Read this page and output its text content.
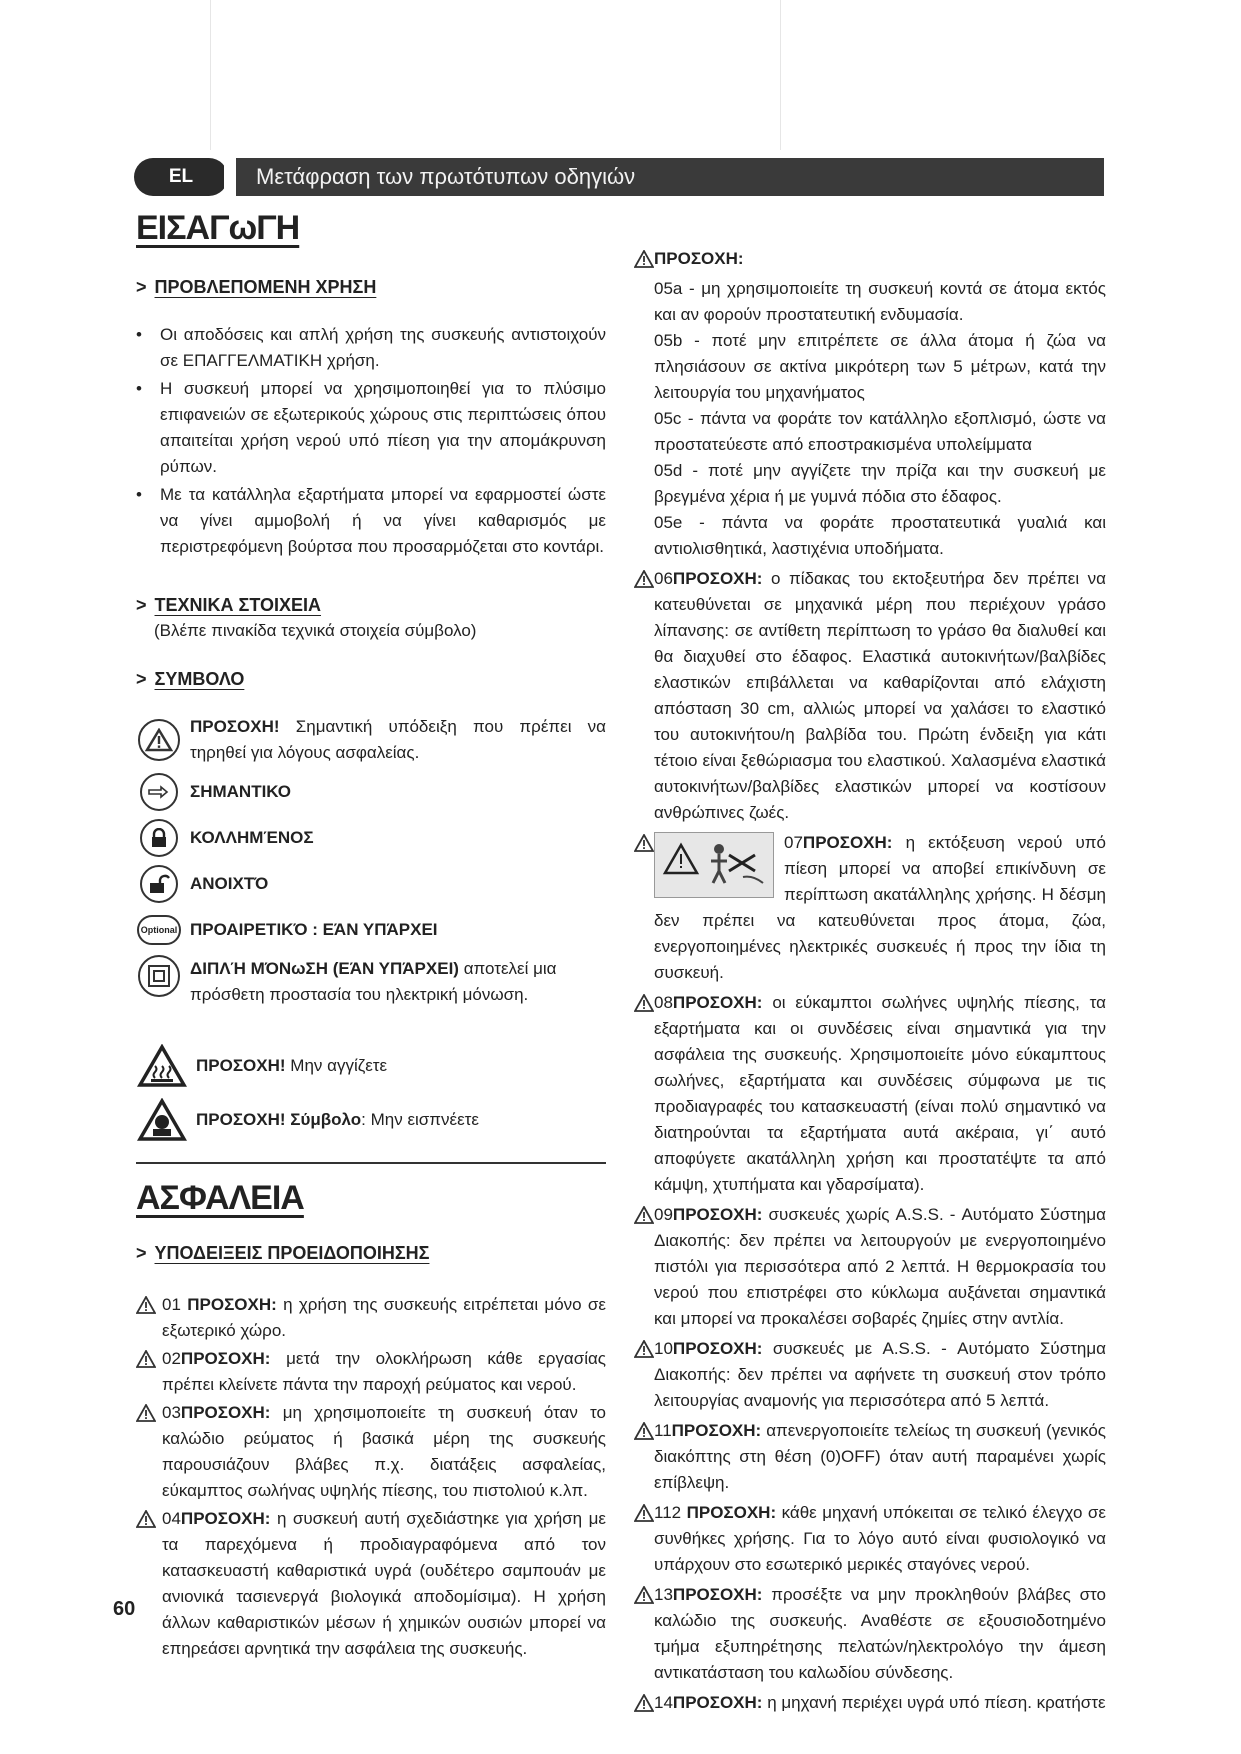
EL	Μετάφραση των πρωτότυπων οδηγιών
ΕΙΣΑΓωΓΗ

> ΠΡΟΒΛΕΠΟΜΕΝΗ ΧΡΗΣΗ

• Οι αποδόσεις και απλή χρήση της συσκευής αντιστοιχούν σε ΕΠΑΓΓΕΛΜΑΤΙΚΗ χρήση.
• Η συσκευή μπορεί να χρησιμοποιηθεί για το πλύσιμο επιφανειών σε εξωτερικούς χώρους στις περιπτώσεις όπου απαιτείται χρήση νερού υπό πίεση για την απομάκρυνση ρύπων.
• Με τα κατάλληλα εξαρτήματα μπορεί να εφαρμοστεί ώστε να γίνει αμμοβολή ή να γίνει καθαρισμός με περιστρεφόμενη βούρτσα που προσαρμόζεται στο κοντάρι.

> ΤΕΧΝΙΚΑ ΣΤΟΙΧΕΙΑ

(Βλέπε πινακίδα τεχνικά στοιχεία σύμβολο)

> ΣΥΜΒΟΛΟ

ΠΡΟΣΟΧΗ! Σημαντική υπόδειξη που πρέπει να τηρηθεί για λόγους ασφαλείας.
ΣΗΜΑΝΤΙΚΟ
ΚΟΛΛΗΜΈΝΟΣ
ΑΝΟΙΧΤΌ
Optional ΠΡΟΑΙΡΕΤΙΚΌ : ΕΆΝ ΥΠΆΡΧΕΙ
ΔΙΠΛΉ ΜΌΝωΣΗ (ΕΆΝ ΥΠΆΡΧΕΙ) αποτελεί μια πρόσθετη προστασία του ηλεκτρική μόνωση.
ΠΡΟΣΟΧΗ! Μην αγγίζετε
ΠΡΟΣΟΧΗ! Σύμβολο: Μην εισπνέετε
ΑΣΦΑΛΕΙΑ

> ΥΠΟΔΕΙΞΕΙΣ ΠΡΟΕΙΔΟΠΟΙΗΣΗΣ

01 ΠΡΟΣΟΧΗ: η χρήση της συσκευής ειτρέπεται μόνο σε εξωτερικό χώρο.
02ΠΡΟΣΟΧΗ: μετά την ολοκλήρωση κάθε εργασίας πρέπει κλείνετε πάντα την παροχή ρεύματος και νερού.
03ΠΡΟΣΟΧΗ: μη χρησιμοποιείτε τη συσκευή όταν το καλώδιο ρεύματος ή βασικά μέρη της συσκευής παρουσιάζουν βλάβες π.χ. διατάξεις ασφαλείας, εύκαμπτος σωλήνας υψηλής πίεσης, του πιστολιού κ.λπ.
04ΠΡΟΣΟΧΗ: η συσκευή αυτή σχεδιάστηκε για χρήση με τα παρεχόμενα ή προδιαγραφόμενα από τον κατασκευαστή καθαριστικά υγρά (ουδέτερο σαμπουάν με ανιονικά τασιενεργά βιολογικά αποδομίσιμα). Η χρήση άλλων καθαριστικών μέσων ή χημικών ουσιών μπορεί να επηρεάσει αρνητικά την ασφάλεια της συσκευής.
ΠΡΟΣΟΧΗ:

05a - μη χρησιμοποιείτε τη συσκευή κοντά σε άτομα εκτός και αν φορούν προστατευτική ενδυμασία.

05b - ποτέ μην επιτρέπετε σε άλλα άτομα ή ζώα να πλησιάσουν σε ακτίνα μικρότερη των 5 μέτρων, κατά την λειτουργία του μηχανήματος

05c - πάντα να φοράτε τον κατάλληλο εξοπλισμό, ώστε να προστατεύεστε από εποστρακισμένα υπολείμματα

05d - ποτέ μην αγγίζετε την πρίζα και την συσκευή με βρεγμένα χέρια ή με γυμνά πόδια στο έδαφος.

05e - πάντα να φοράτε προστατευτικά γυαλιά και αντιολισθητικά, λαστιχένια υποδήματα.

06ΠΡΟΣΟΧΗ: ο πίδακας του εκτοξευτήρα δεν πρέπει να κατευθύνεται σε μηχανικά μέρη που περιέχουν γράσο λίπανσης: σε αντίθετη περίπτωση το γράσο θα διαλυθεί και θα διαχυθεί στο έδαφος. Ελαστικά αυτοκινήτων/βαλβίδες ελαστικών επιβάλλεται να καθαρίζονται από ελάχιστη απόσταση 30 cm, αλλιώς μπορεί να χαλάσει το ελαστικό του αυτοκινήτου/η βαλβίδα του. Πρώτη ένδειξη για κάτι τέτοιο είναι ξεθώριασμα του ελαστικού. Χαλασμένα ελαστικά αυτοκινήτων/βαλβίδες ελαστικών μπορεί να κοστίσουν ανθρώπινες ζωές.
07ΠΡΟΣΟΧΗ: η εκτόξευση νερού υπό πίεση μπορεί να αποβεί επικίνδυνη σε περίπτωση ακατάλληλης χρήσης. Η δέσμη δεν πρέπει να κατευθύνεται προς άτομα, ζώα, ενεργοποιημένες ηλεκτρικές συσκευές ή προς την ίδια τη συσκευή.
08ΠΡΟΣΟΧΗ: οι εύκαμπτοι σωλήνες υψηλής πίεσης, τα εξαρτήματα και οι συνδέσεις είναι σημαντικά για την ασφάλεια της συσκευής. Χρησιμοποιείτε μόνο εύκαμπτους σωλήνες, εξαρτήματα και συνδέσεις σύμφωνα με τις προδιαγραφές του κατασκευαστή (είναι πολύ σημαντικό να διατηρούνται τα εξαρτήματα αυτά ακέραια, γι΄ αυτό αποφύγετε ακατάλληλη χρήση και προστατέψτε τα από κάμψη, χτυπήματα και γδαρσίματα).
09ΠΡΟΣΟΧΗ: συσκευές χωρίς A.S.S. - Αυτόματο Σύστημα Διακοπής: δεν πρέπει να λειτουργούν με ενεργοποιημένο πιστόλι για περισσότερα από 2 λεπτά. Η θερμοκρασία του νερού που επιστρέφει στο κύκλωμα αυξάνεται σημαντικά και μπορεί να προκαλέσει σοβαρές ζημίες στην αντλία.
10ΠΡΟΣΟΧΗ: συσκευές με A.S.S. - Αυτόματο Σύστημα Διακοπής: δεν πρέπει να αφήνετε τη συσκευή στον τρόπο λειτουργίας αναμονής για περισσότερα από 5 λεπτά.
11ΠΡΟΣΟΧΗ: απενεργοποιείτε τελείως τη συσκευή (γενικός διακόπτης στη θέση (0)OFF) όταν αυτή παραμένει χωρίς επίβλεψη.
112 ΠΡΟΣΟΧΗ: κάθε μηχανή υπόκειται σε τελικό έλεγχο σε συνθήκες χρήσης. Για το λόγο αυτό είναι φυσιολογικό να υπάρχουν στο εσωτερικό μερικές σταγόνες νερού.
13ΠΡΟΣΟΧΗ: προσέξτε να μην προκληθούν βλάβες στο καλώδιο της συσκευής. Αναθέστε σε εξουσιοδοτημένο τμήμα εξυπηρέτησης πελατών/ηλεκτρολόγο την άμεση αντικατάσταση του καλωδίου σύνδεσης.
14ΠΡΟΣΟΧΗ: η μηχανή περιέχει υγρά υπό πίεση. κρατήστε
60
